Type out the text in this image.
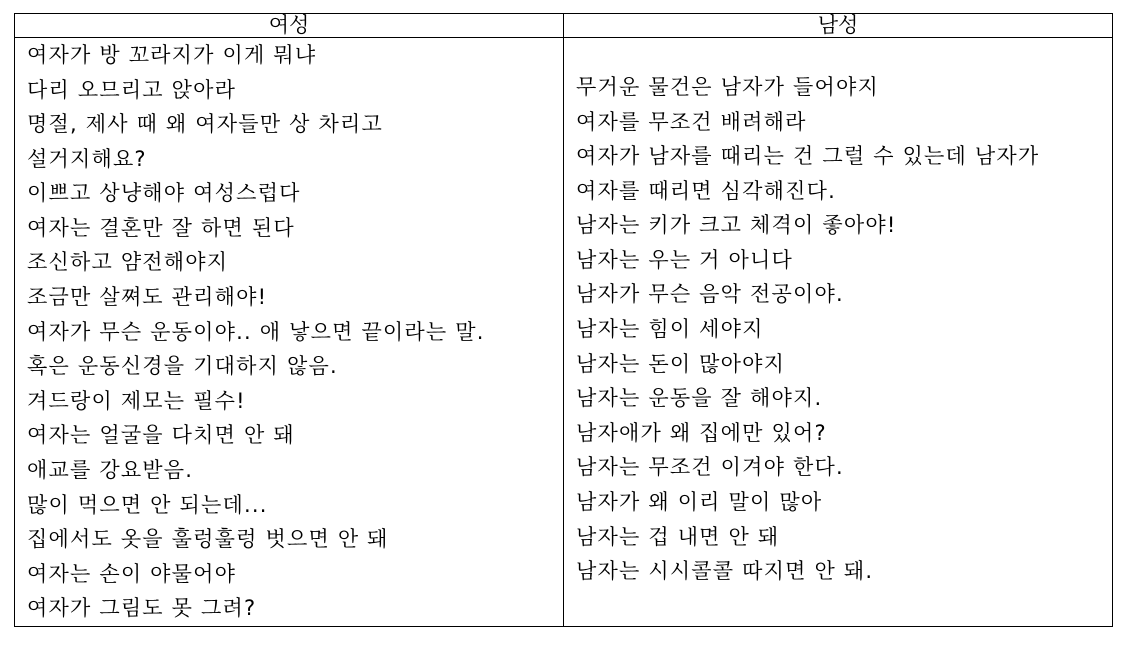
여성	남성
여자가 방 꼬라지가 이게 뭐냐
다리 오므리고 앉아라
명절, 제사 때 왜 여자들만 상 차리고
설거지해요?
이쁘고 상냥해야 여성스럽다
여자는 결혼만 잘 하면 된다
조신하고 얌전해야지
조금만 살쪄도 관리해야!
여자가 무슨 운동이야.. 애 낳으면 끝이라는 말.
혹은 운동신경을 기대하지 않음.
겨드랑이 제모는 필수!
여자는 얼굴을 다치면 안 돼
애교를 강요받음.
많이 먹으면 안 되는데...
집에서도 옷을 훌렁훌렁 벗으면 안 돼
여자는 손이 야물어야
여자가 그림도 못 그려?
무거운 물건은 남자가 들어야지
여자를 무조건 배려해라
여자가 남자를 때리는 건 그럴 수 있는데 남자가
여자를 때리면 심각해진다.
남자는 키가 크고 체격이 좋아야!
남자는 우는 거 아니다
남자가 무슨 음악 전공이야.
남자는 힘이 세야지
남자는 돈이 많아야지
남자는 운동을 잘 해야지.
남자애가 왜 집에만 있어?
남자는 무조건 이겨야 한다.
남자가 왜 이리 말이 많아
남자는 겁 내면 안 돼
남자는 시시콜콜 따지면 안 돼.
